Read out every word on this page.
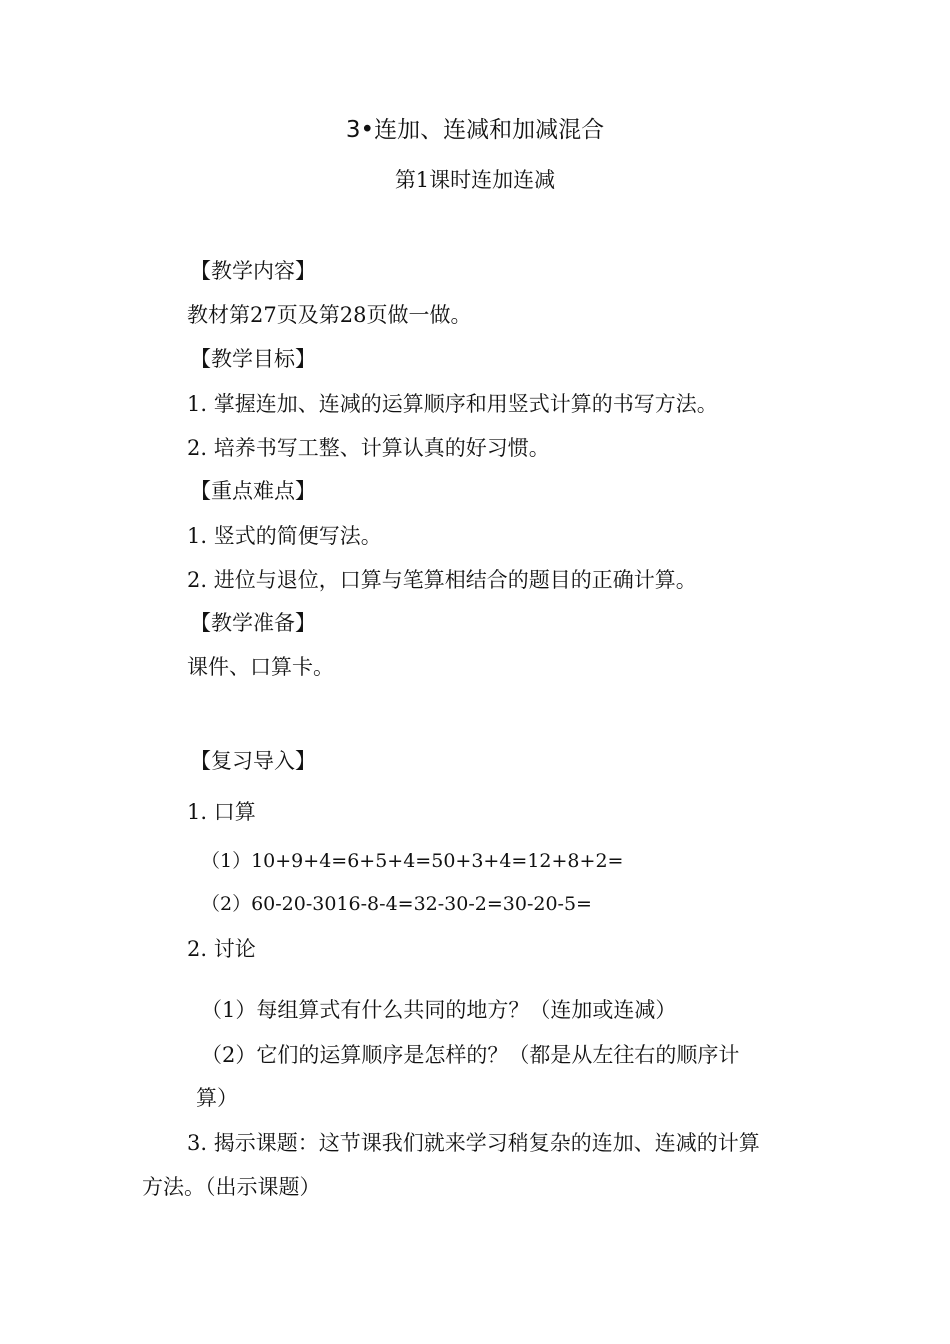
3•连加、连减和加减混合
第1课时连加连减
【教学内容】
教材第27页及第28页做一做。
【教学目标】
1. 掌握连加、连减的运算顺序和用竖式计算的书写方法。
2. 培养书写工整、计算认真的好习惯。
【重点难点】
1. 竖式的简便写法。
2. 进位与退位，口算与笔算相结合的题目的正确计算。
【教学准备】
课件、口算卡。
【复习导入】
1. 口算
（1）10+9+4=6+5+4=50+3+4=12+8+2=
（2）60-20-3016-8-4=32-30-2=30-20-5=
2. 讨论
（1）每组算式有什么共同的地方？（连加或连减）
（2）它们的运算顺序是怎样的？（都是从左往右的顺序计
算）
3. 揭示课题：这节课我们就来学习稍复杂的连加、连减的计算
方法。（出示课题）
